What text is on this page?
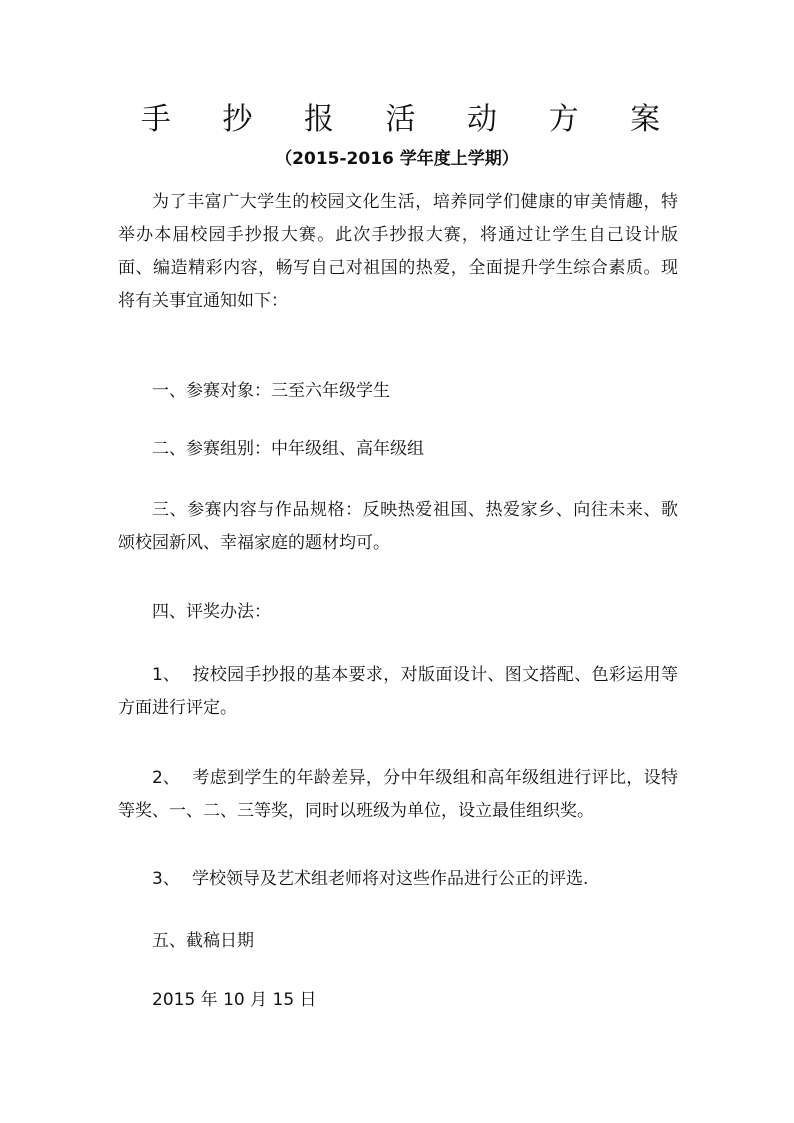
手 抄 报 活 动 方 案
（2015-2016 学年度上学期）

为了丰富广大学生的校园文化生活，培养同学们健康的审美情趣，特举办本届校园手抄报大赛。此次手抄报大赛，将通过让学生自己设计版面、编造精彩内容，畅写自己对祖国的热爱，全面提升学生综合素质。现将有关事宜通知如下：

一、参赛对象：三至六年级学生

二、参赛组别：中年级组、高年级组

三、参赛内容与作品规格：反映热爱祖国、热爱家乡、向往未来、歌颂校园新风、幸福家庭的题材均可。

四、评奖办法：

1、 按校园手抄报的基本要求，对版面设计、图文搭配、色彩运用等方面进行评定。

2、 考虑到学生的年龄差异，分中年级组和高年级组进行评比，设特等奖、一、二、三等奖，同时以班级为单位，设立最佳组织奖。

3、 学校领导及艺术组老师将对这些作品进行公正的评选.

五、截稿日期

2015 年 10 月 15 日
